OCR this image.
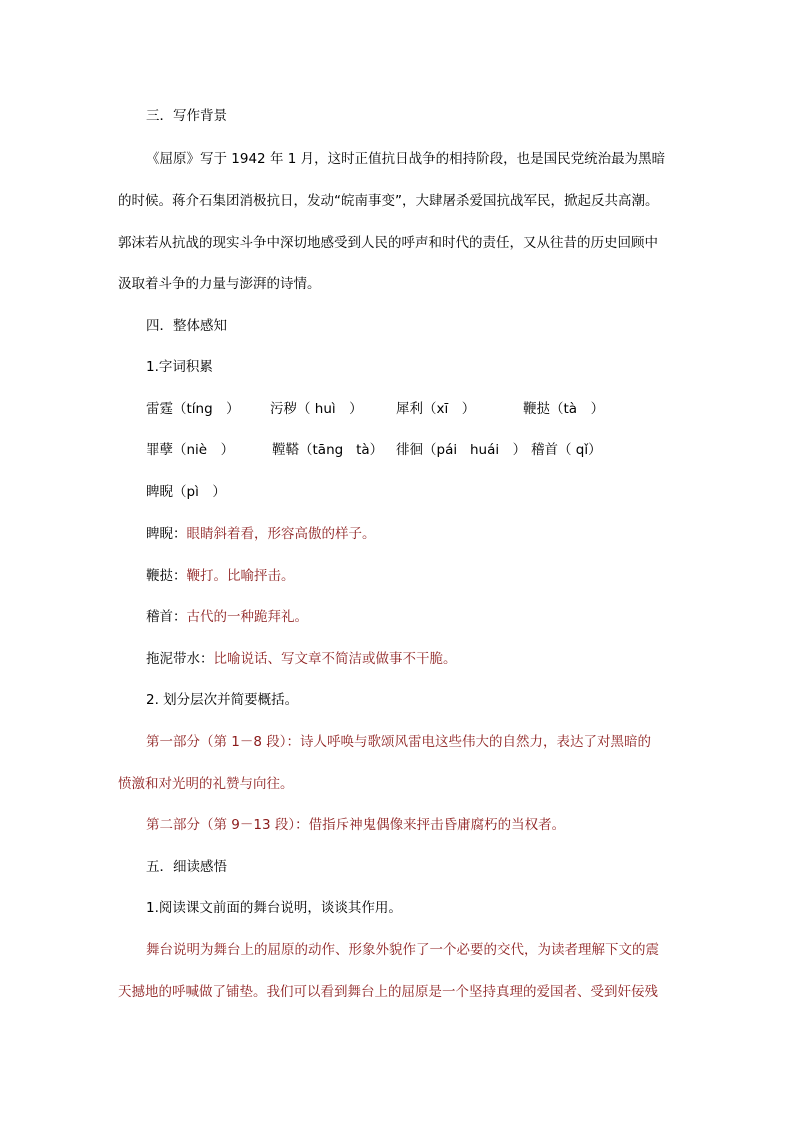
三．写作背景
《屈原》写于 1942 年 1 月，这时正值抗日战争的相持阶段，也是国民党统治最为黑暗
的时候。蒋介石集团消极抗日，发动“皖南事变”，大肆屠杀爱国抗战军民，掀起反共高潮。
郭沫若从抗战的现实斗争中深切地感受到人民的呼声和时代的责任，又从往昔的历史回顾中
汲取着斗争的力量与澎湃的诗情。
四．整体感知
1.字词积累
雷霆（tíng　） 污秽（ huì　） 犀利（xī　）	鞭挞（tà　）
罪孽（niè　）	鞺鞳（tāng   tà） 徘徊（pái   huái　） 稽首（ qǐ）
睥睨（pì　）
睥睨：眼睛斜着看，形容高傲的样子。
鞭挞：鞭打。比喻抨击。
稽首：古代的一种跪拜礼。
拖泥带水：比喻说话、写文章不简洁或做事不干脆。
2. 划分层次并简要概括。
第一部分（第 1－8 段）：诗人呼唤与歌颂风雷电这些伟大的自然力，表达了对黑暗的
愤激和对光明的礼赞与向往。
第二部分（第 9－13 段）：借指斥神鬼偶像来抨击昏庸腐朽的当权者。
五．细读感悟
1.阅读课文前面的舞台说明，谈谈其作用。
舞台说明为舞台上的屈原的动作、形象外貌作了一个必要的交代，为读者理解下文的震
天撼地的呼喊做了铺垫。我们可以看到舞台上的屈原是一个坚持真理的爱国者、受到奸佞残
